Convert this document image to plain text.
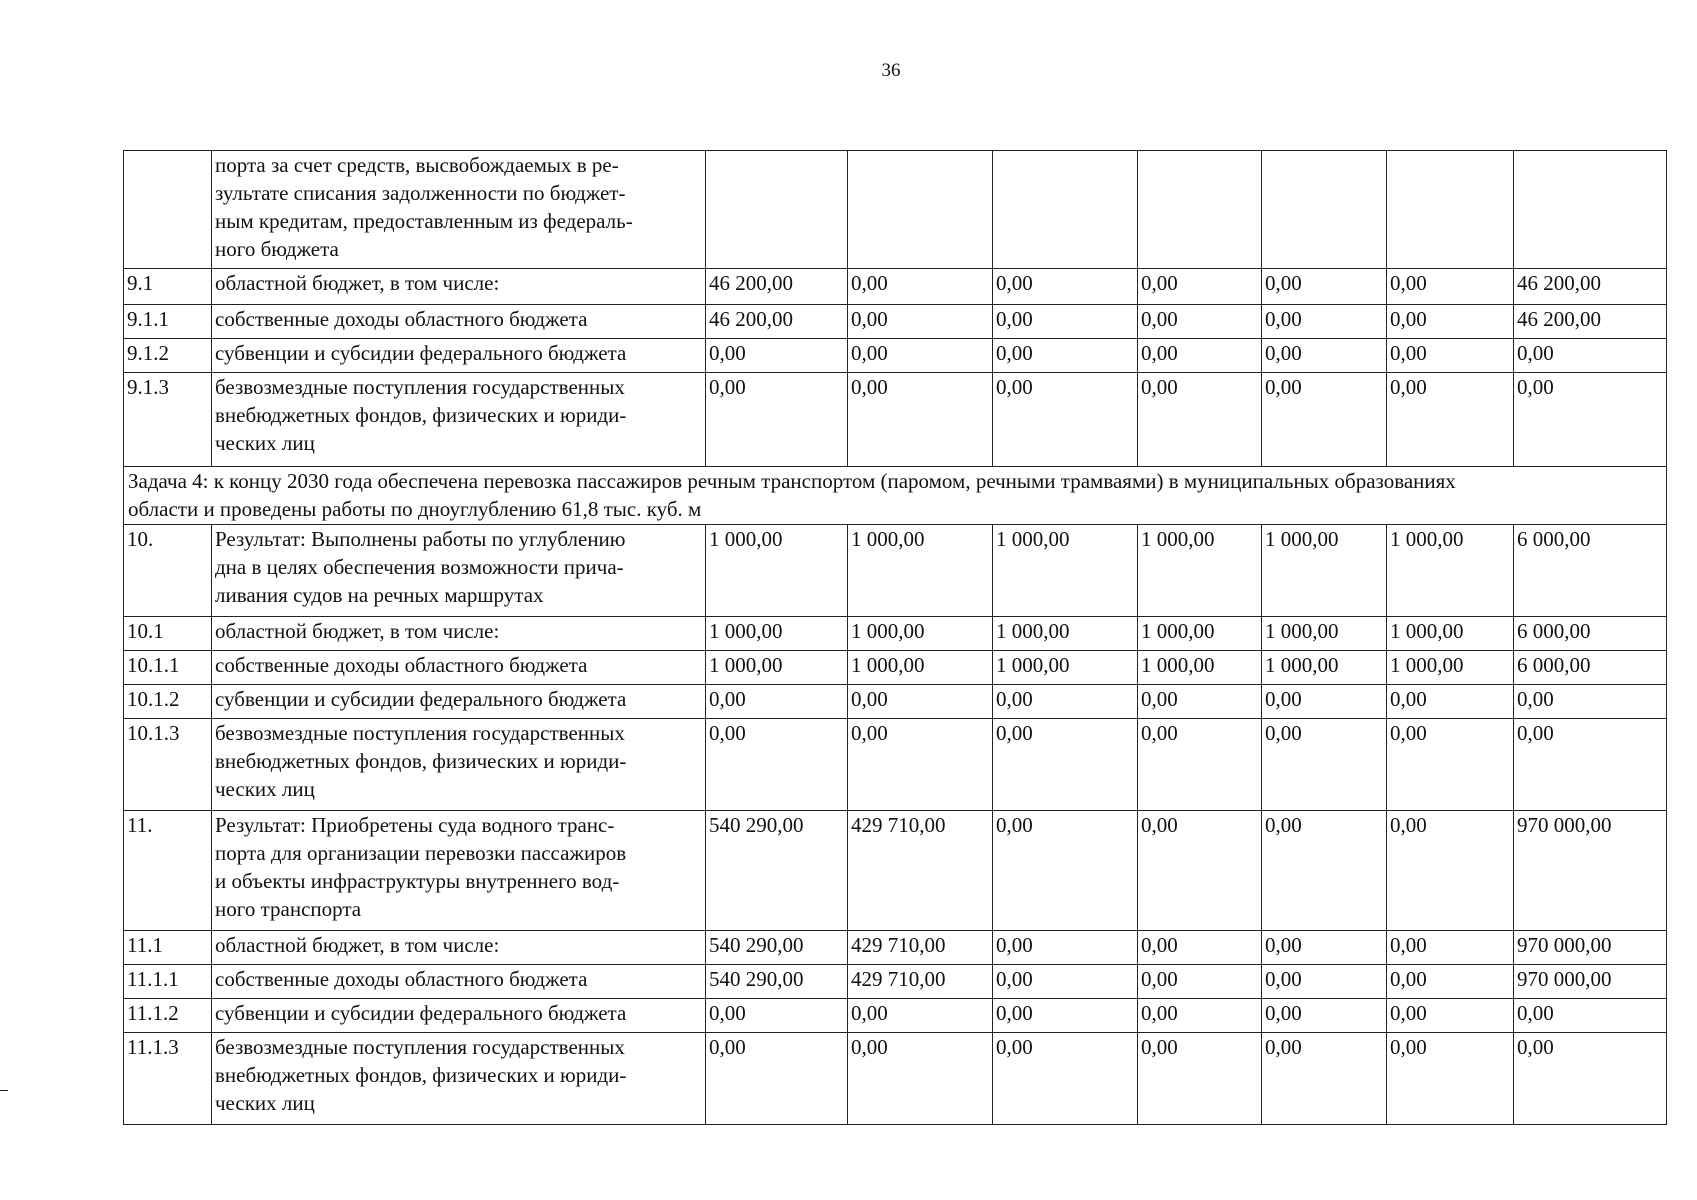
36
	порта за счет средств, высвобождаемых в ре-
зультате списания задолженности по бюджет-
ным кредитам, предоставленным из федераль-
ного бюджета							
9.1	областной бюджет, в том числе:	46 200,00	0,00	0,00	0,00	0,00	0,00	46 200,00
9.1.1	собственные доходы областного бюджета	46 200,00	0,00	0,00	0,00	0,00	0,00	46 200,00
9.1.2	субвенции и субсидии федерального бюджета	0,00	0,00	0,00	0,00	0,00	0,00	0,00
9.1.3	безвозмездные поступления государственных
внебюджетных фондов, физических и юриди-
ческих лиц	0,00	0,00	0,00	0,00	0,00	0,00	0,00
Задача 4: к концу 2030 года обеспечена перевозка пассажиров речным транспортом (паромом, речными трамваями) в муниципальных образованиях
области и проведены работы по дноуглублению 61,8 тыс. куб. м								
10.	Результат: Выполнены работы по углублению
дна в целях обеспечения возможности прича-
ливания судов на речных маршрутах	1 000,00	1 000,00	1 000,00	1 000,00	1 000,00	1 000,00	6 000,00
10.1	областной бюджет, в том числе:	1 000,00	1 000,00	1 000,00	1 000,00	1 000,00	1 000,00	6 000,00
10.1.1	собственные доходы областного бюджета	1 000,00	1 000,00	1 000,00	1 000,00	1 000,00	1 000,00	6 000,00
10.1.2	субвенции и субсидии федерального бюджета	0,00	0,00	0,00	0,00	0,00	0,00	0,00
10.1.3	безвозмездные поступления государственных
внебюджетных фондов, физических и юриди-
ческих лиц	0,00	0,00	0,00	0,00	0,00	0,00	0,00
11.	Результат: Приобретены суда водного транс-
порта для организации перевозки пассажиров
и объекты инфраструктуры внутреннего вод-
ного транспорта	540 290,00	429 710,00	0,00	0,00	0,00	0,00	970 000,00
11.1	областной бюджет, в том числе:	540 290,00	429 710,00	0,00	0,00	0,00	0,00	970 000,00
11.1.1	собственные доходы областного бюджета	540 290,00	429 710,00	0,00	0,00	0,00	0,00	970 000,00
11.1.2	субвенции и субсидии федерального бюджета	0,00	0,00	0,00	0,00	0,00	0,00	0,00
11.1.3	безвозмездные поступления государственных
внебюджетных фондов, физических и юриди-
ческих лиц	0,00	0,00	0,00	0,00	0,00	0,00	0,00
